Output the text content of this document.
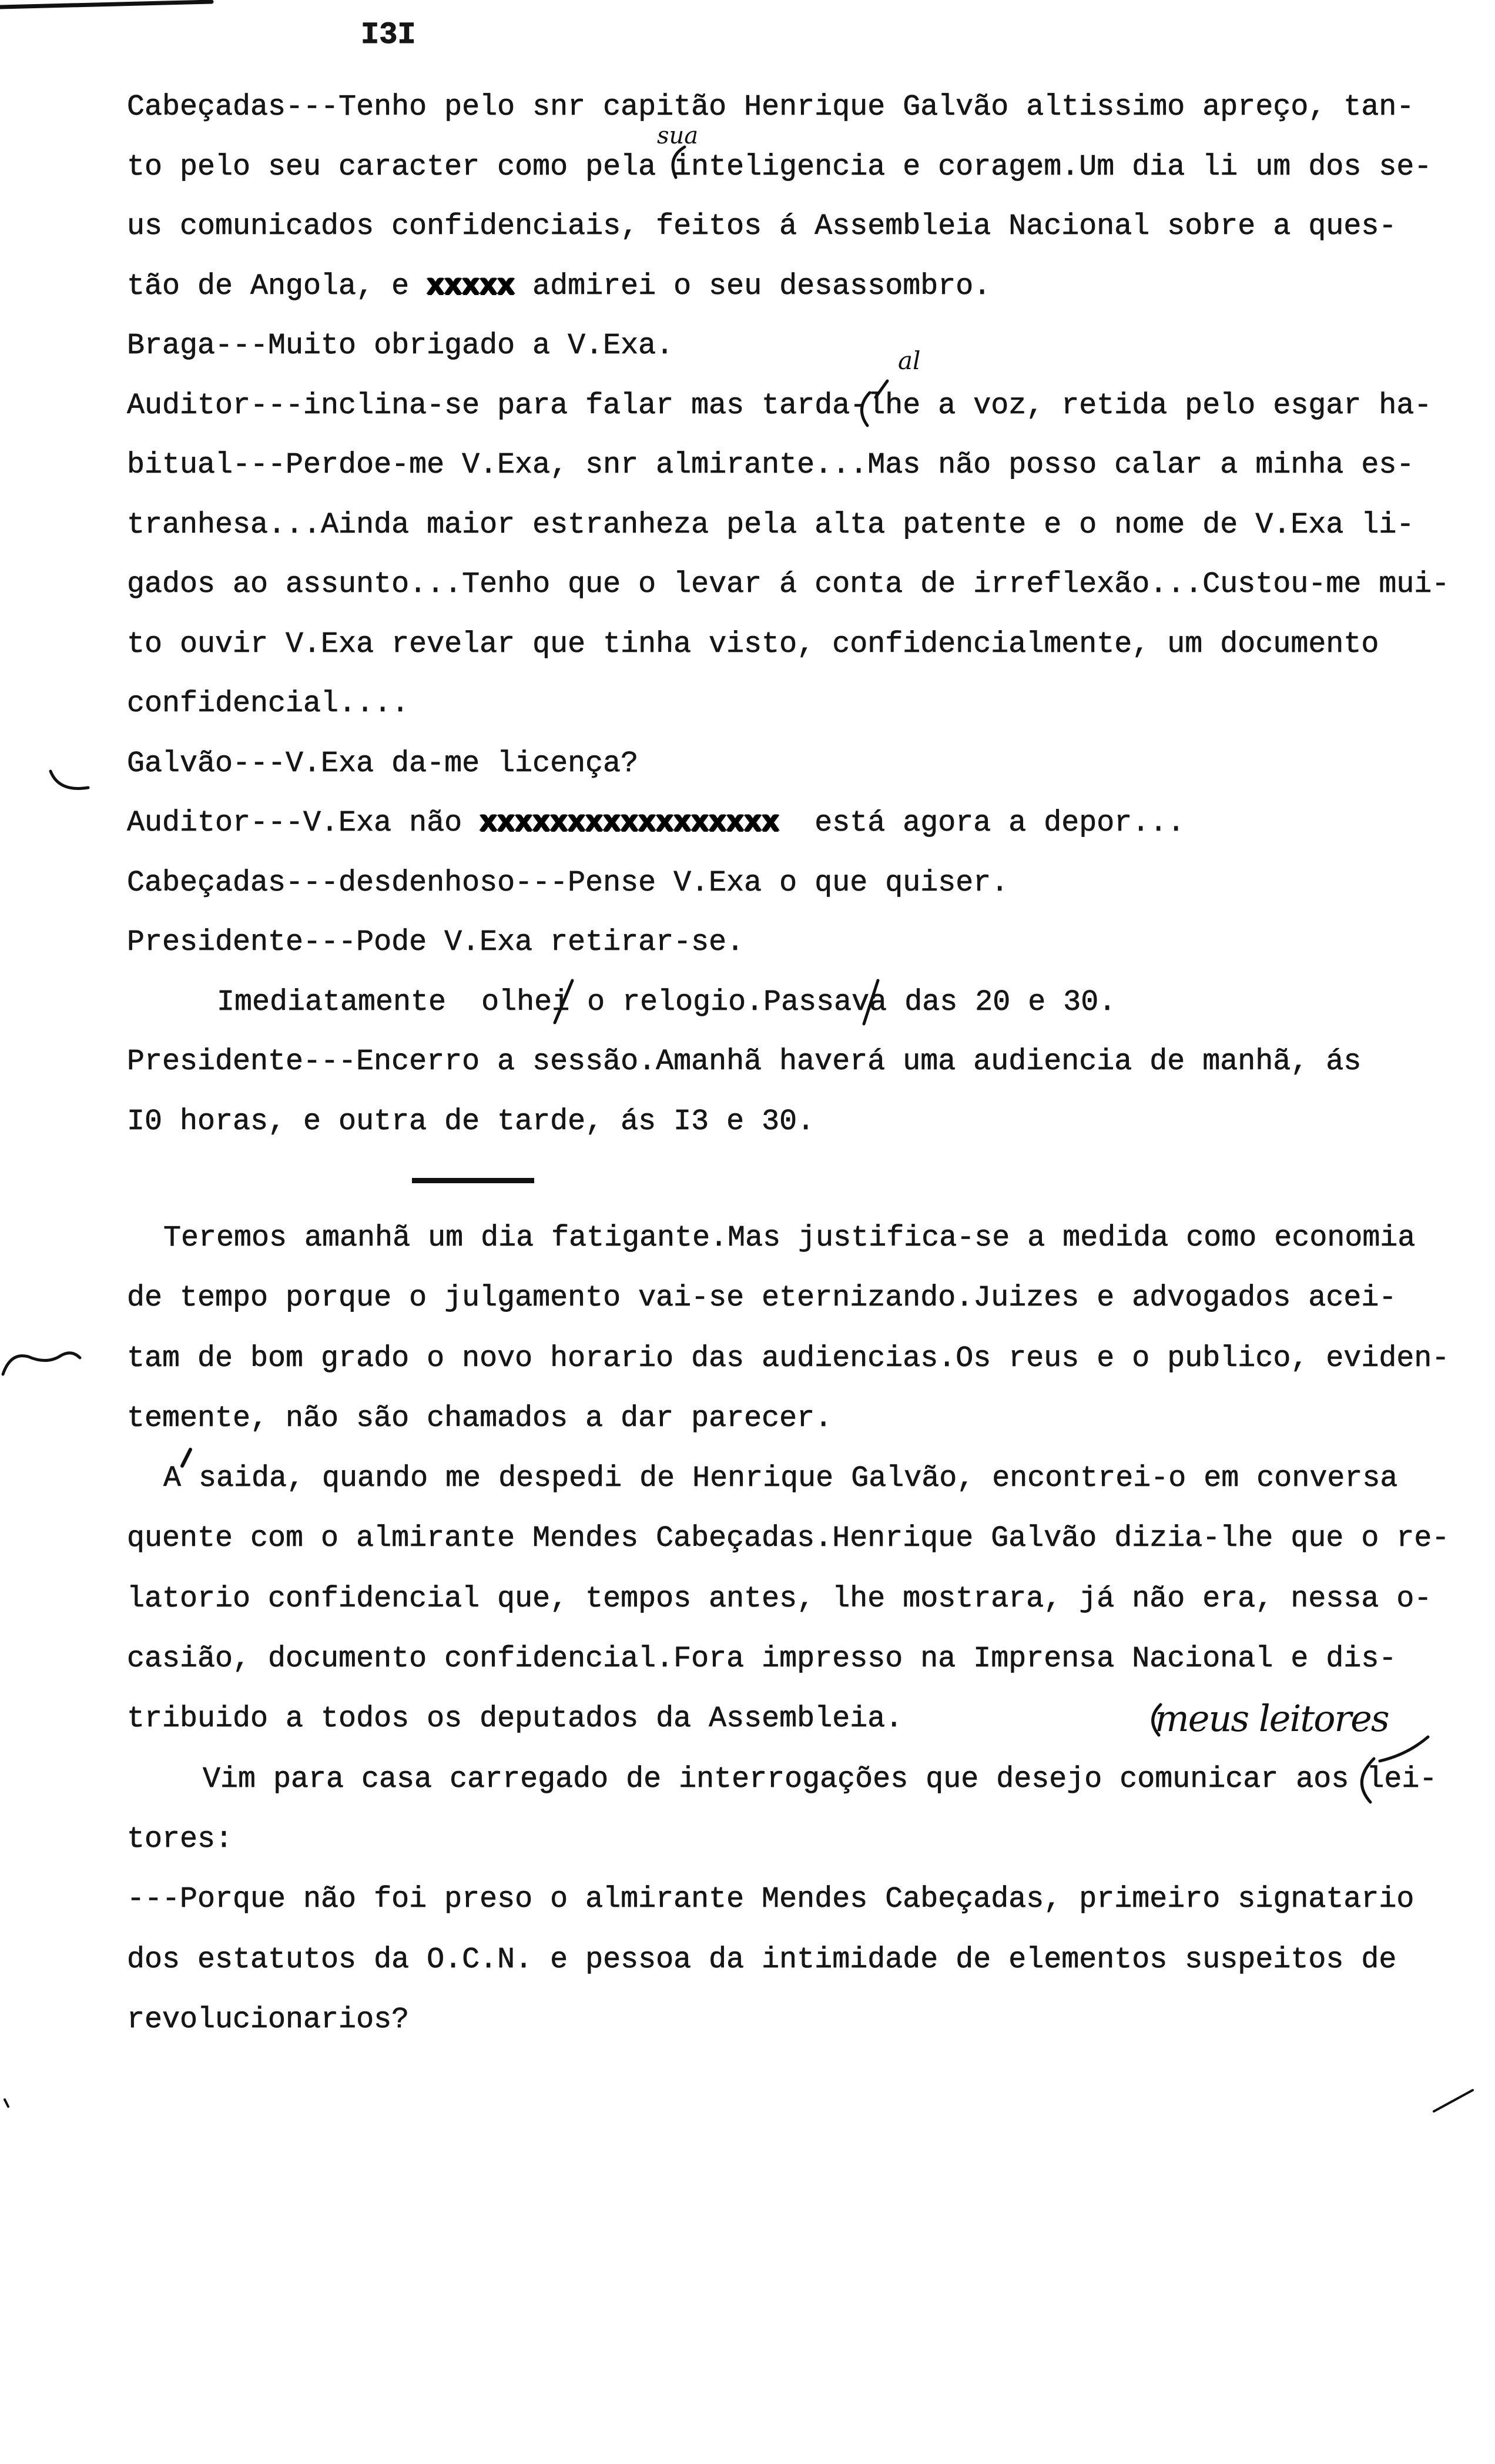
I3I
Cabeçadas---Tenho pelo snr capitão Henrique Galvão altissimo apreço, tan-
to pelo seu caracter como pela inteligencia e coragem.Um dia li um dos se-
us comunicados confidenciais, feitos á Assembleia Nacional sobre a ques-
tão de Angola, e xxxxx admirei o seu desassombro.
Braga---Muito obrigado a V.Exa.
Auditor---inclina-se para falar mas tarda-lhe a voz, retida pelo esgar ha-
bitual---Perdoe-me V.Exa, snr almirante...Mas não posso calar a minha es-
tranhesa...Ainda maior estranheza pela alta patente e o nome de V.Exa li-
gados ao assunto...Tenho que o levar á conta de irreflexão...Custou-me mui-
to ouvir V.Exa revelar que tinha visto, confidencialmente, um documento
confidencial....
Galvão---V.Exa da-me licença?
Auditor---V.Exa não xxxxxxxxxxxxxxxxx  está agora a depor...
Cabeçadas---desdenhoso---Pense V.Exa o que quiser.
Presidente---Pode V.Exa retirar-se.
Imediatamente  olhei o relogio.Passava das 20 e 30.
Presidente---Encerro a sessão.Amanhã haverá uma audiencia de manhã, ás
I0 horas, e outra de tarde, ás I3 e 30.
Teremos amanhã um dia fatigante.Mas justifica-se a medida como economia
de tempo porque o julgamento vai-se eternizando.Juizes e advogados acei-
tam de bom grado o novo horario das audiencias.Os reus e o publico, eviden-
temente, não são chamados a dar parecer.
A saida, quando me despedi de Henrique Galvão, encontrei-o em conversa
quente com o almirante Mendes Cabeçadas.Henrique Galvão dizia-lhe que o re-
latorio confidencial que, tempos antes, lhe mostrara, já não era, nessa o-
casião, documento confidencial.Fora impresso na Imprensa Nacional e dis-
tribuido a todos os deputados da Assembleia.
Vim para casa carregado de interrogações que desejo comunicar aos lei-
tores:
---Porque não foi preso o almirante Mendes Cabeçadas, primeiro signatario
dos estatutos da O.C.N. e pessoa da intimidade de elementos suspeitos de
revolucionarios?
sua
al
meus leitores
